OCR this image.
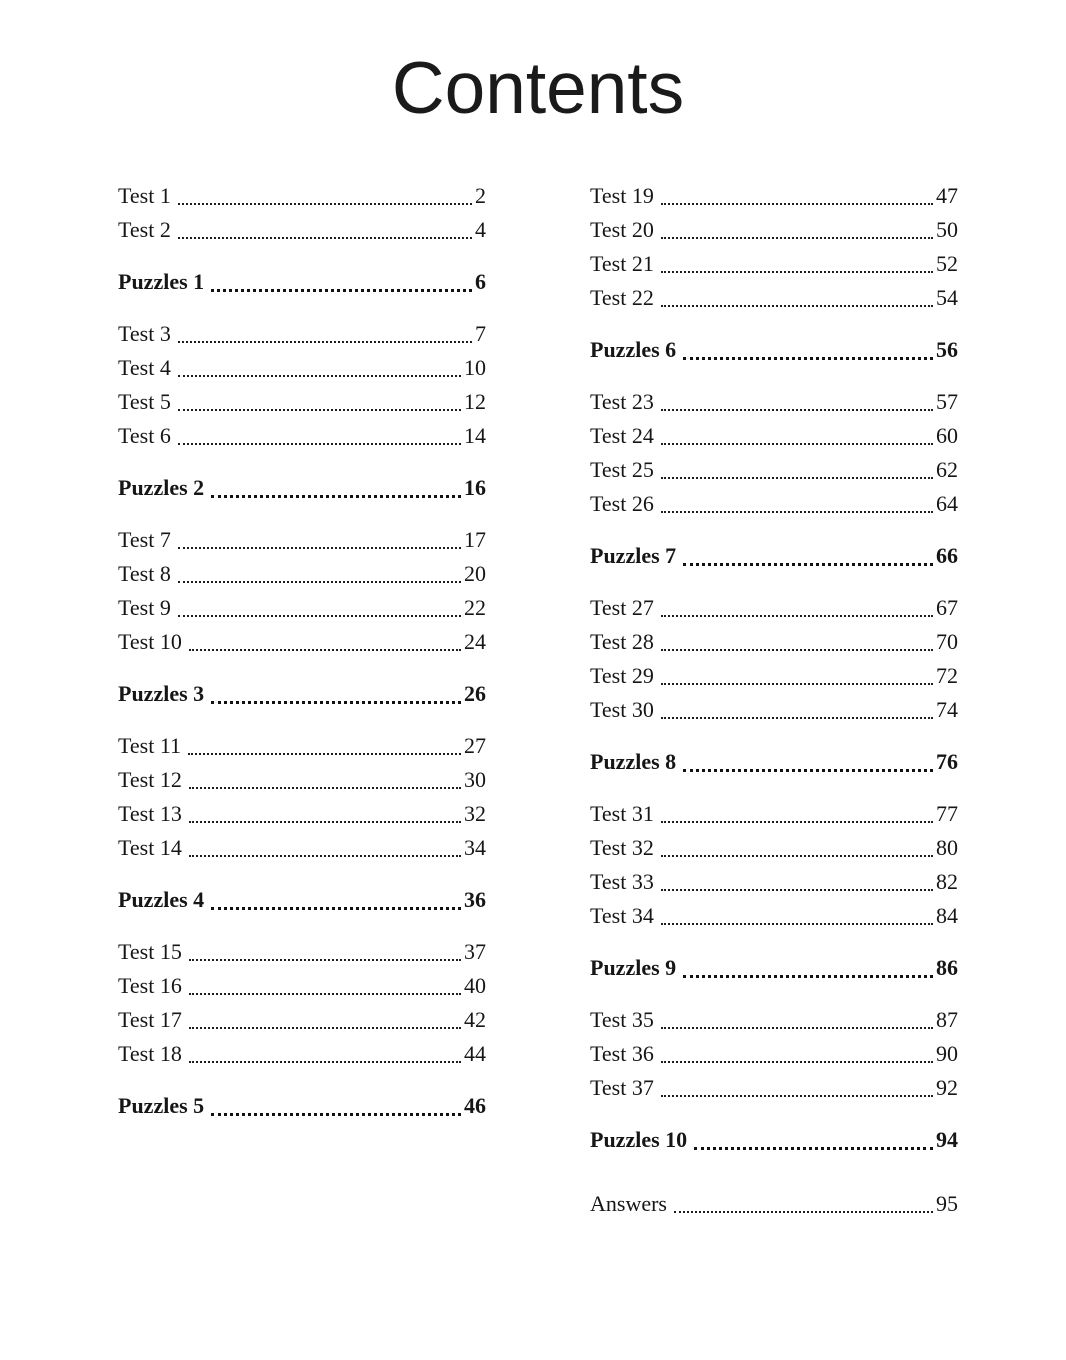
Contents
Test 1	2
Test 2	4
Puzzles 1	6
Test 3	7
Test 4	10
Test 5	12
Test 6	14
Puzzles 2	16
Test 7	17
Test 8	20
Test 9	22
Test 10	24
Puzzles 3	26
Test 11	27
Test 12	30
Test 13	32
Test 14	34
Puzzles 4	36
Test 15	37
Test 16	40
Test 17	42
Test 18	44
Puzzles 5	46
Test 19	47
Test 20	50
Test 21	52
Test 22	54
Puzzles 6	56
Test 23	57
Test 24	60
Test 25	62
Test 26	64
Puzzles 7	66
Test 27	67
Test 28	70
Test 29	72
Test 30	74
Puzzles 8	76
Test 31	77
Test 32	80
Test 33	82
Test 34	84
Puzzles 9	86
Test 35	87
Test 36	90
Test 37	92
Puzzles 10	94
Answers	95
